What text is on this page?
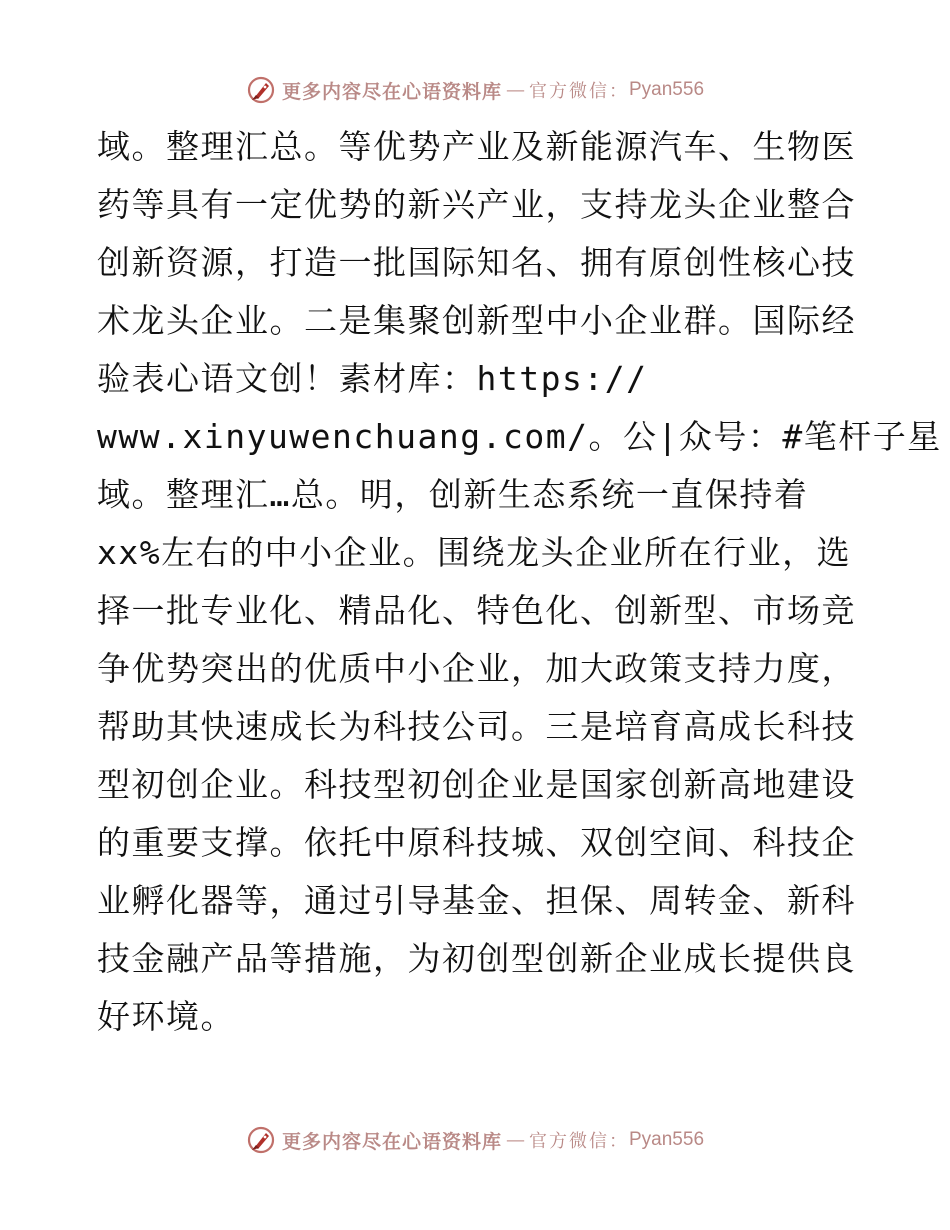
更多内容尽在心语资料库 — 官方微信： Pyan556
域。整理汇总。等优势产业及新能源汽车、生物医
药等具有一定优势的新兴产业，支持龙头企业整合
创新资源，打造一批国际知名、拥有原创性核心技
术龙头企业。二是集聚创新型中小企业群。国际经
验表心语文创！素材库：https://
www.xinyuwenchuang.com/。公|众号：#笔杆子星
域。整理汇…总。明，创新生态系统一直保持着
xx%左右的中小企业。围绕龙头企业所在行业，选
择一批专业化、精品化、特色化、创新型、市场竞
争优势突出的优质中小企业，加大政策支持力度，
帮助其快速成长为科技公司。三是培育高成长科技
型初创企业。科技型初创企业是国家创新高地建设
的重要支撑。依托中原科技城、双创空间、科技企
业孵化器等，通过引导基金、担保、周转金、新科
技金融产品等措施，为初创型创新企业成长提供良
好环境。
更多内容尽在心语资料库 — 官方微信： Pyan556
